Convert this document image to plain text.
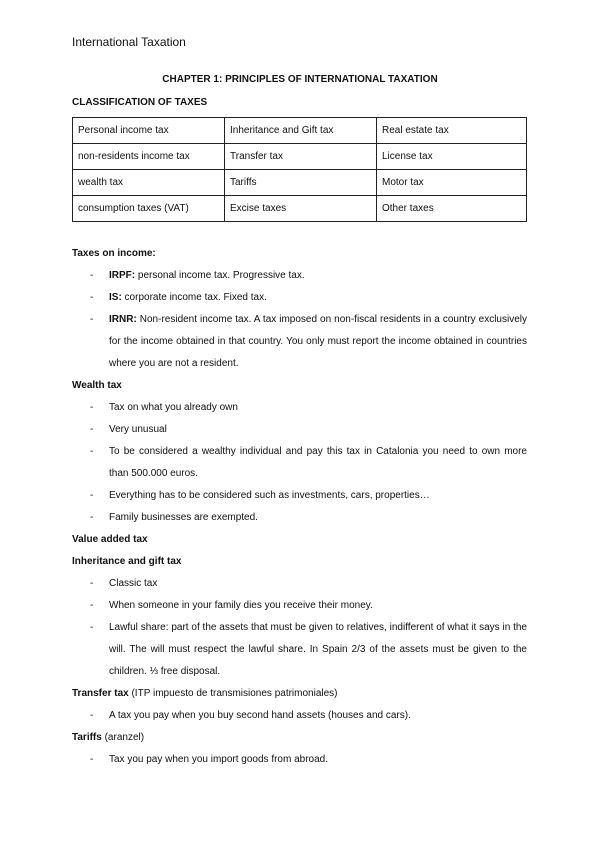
International Taxation
CHAPTER 1: PRINCIPLES OF INTERNATIONAL TAXATION
CLASSIFICATION OF TAXES
Personal income tax	Inheritance and Gift tax	Real estate tax
non-residents income tax	Transfer tax	License tax
wealth tax	Tariffs	Motor tax
consumption taxes (VAT)	Excise taxes	Other taxes
Taxes on income:
- IRPF: personal income tax. Progressive tax.
- IS: corporate income tax. Fixed tax.
- IRNR: Non-resident income tax. A tax imposed on non-fiscal residents in a country exclusively for the income obtained in that country. You only must report the income obtained in countries where you are not a resident.
Wealth tax
- Tax on what you already own
- Very unusual
- To be considered a wealthy individual and pay this tax in Catalonia you need to own more than 500.000 euros.
- Everything has to be considered such as investments, cars, properties…
- Family businesses are exempted.
Value added tax
Inheritance and gift tax
- Classic tax
- When someone in your family dies you receive their money.
- Lawful share: part of the assets that must be given to relatives, indifferent of what it says in the will. The will must respect the lawful share. In Spain 2/3 of the assets must be given to the children. ⅓ free disposal.
Transfer tax (ITP impuesto de transmisiones patrimoniales)
- A tax you pay when you buy second hand assets (houses and cars).
Tariffs (aranzel)
- Tax you pay when you import goods from abroad.
